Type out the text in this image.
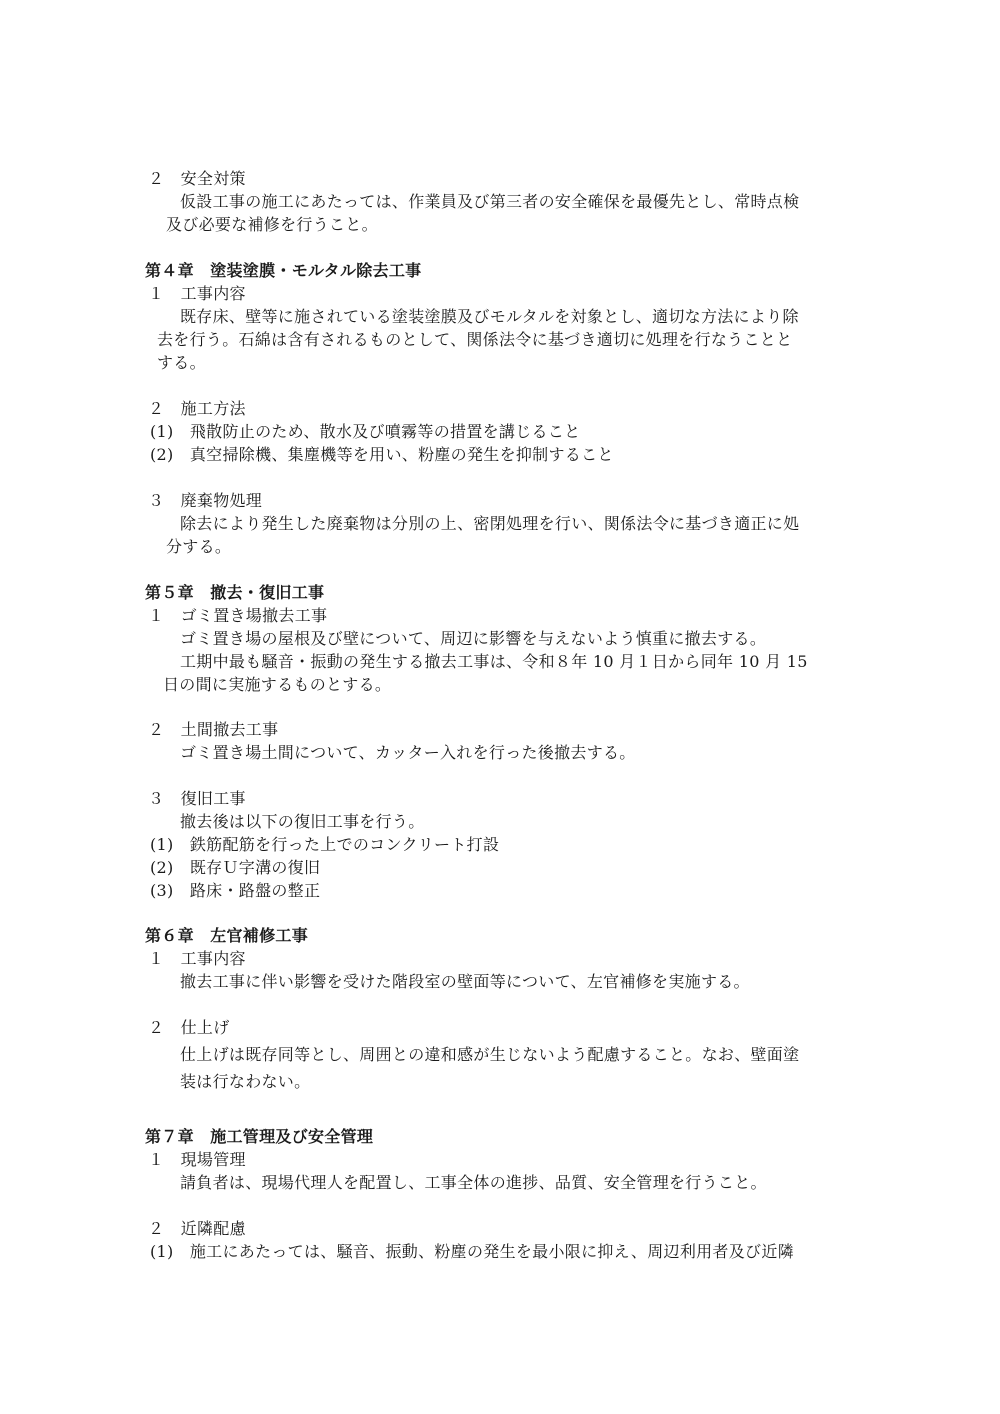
２　安全対策
仮設工事の施工にあたっては、作業員及び第三者の安全確保を最優先とし、常時点検
及び必要な補修を行うこと。
第４章　塗装塗膜・モルタル除去工事
１　工事内容
既存床、壁等に施されている塗装塗膜及びモルタルを対象とし、適切な方法により除
去を行う。石綿は含有されるものとして、関係法令に基づき適切に処理を行なうことと
する。
２　施工方法
(1)　飛散防止のため、散水及び噴霧等の措置を講じること
(2)　真空掃除機、集塵機等を用い、粉塵の発生を抑制すること
３　廃棄物処理
除去により発生した廃棄物は分別の上、密閉処理を行い、関係法令に基づき適正に処
分する。
第５章　撤去・復旧工事
１　ゴミ置き場撤去工事
ゴミ置き場の屋根及び壁について、周辺に影響を与えないよう慎重に撤去する。
工期中最も騒音・振動の発生する撤去工事は、令和８年 10 月１日から同年 10 月 15
日の間に実施するものとする。
２　土間撤去工事
ゴミ置き場土間について、カッター入れを行った後撤去する。
３　復旧工事
撤去後は以下の復旧工事を行う。
(1)　鉄筋配筋を行った上でのコンクリート打設
(2)　既存Ｕ字溝の復旧
(3)　路床・路盤の整正
第６章　左官補修工事
１　工事内容
撤去工事に伴い影響を受けた階段室の壁面等について、左官補修を実施する。
２　仕上げ
仕上げは既存同等とし、周囲との違和感が生じないよう配慮すること。なお、壁面塗
装は行なわない。
第７章　施工管理及び安全管理
１　現場管理
請負者は、現場代理人を配置し、工事全体の進捗、品質、安全管理を行うこと。
２　近隣配慮
(1)　施工にあたっては、騒音、振動、粉塵の発生を最小限に抑え、周辺利用者及び近隣
